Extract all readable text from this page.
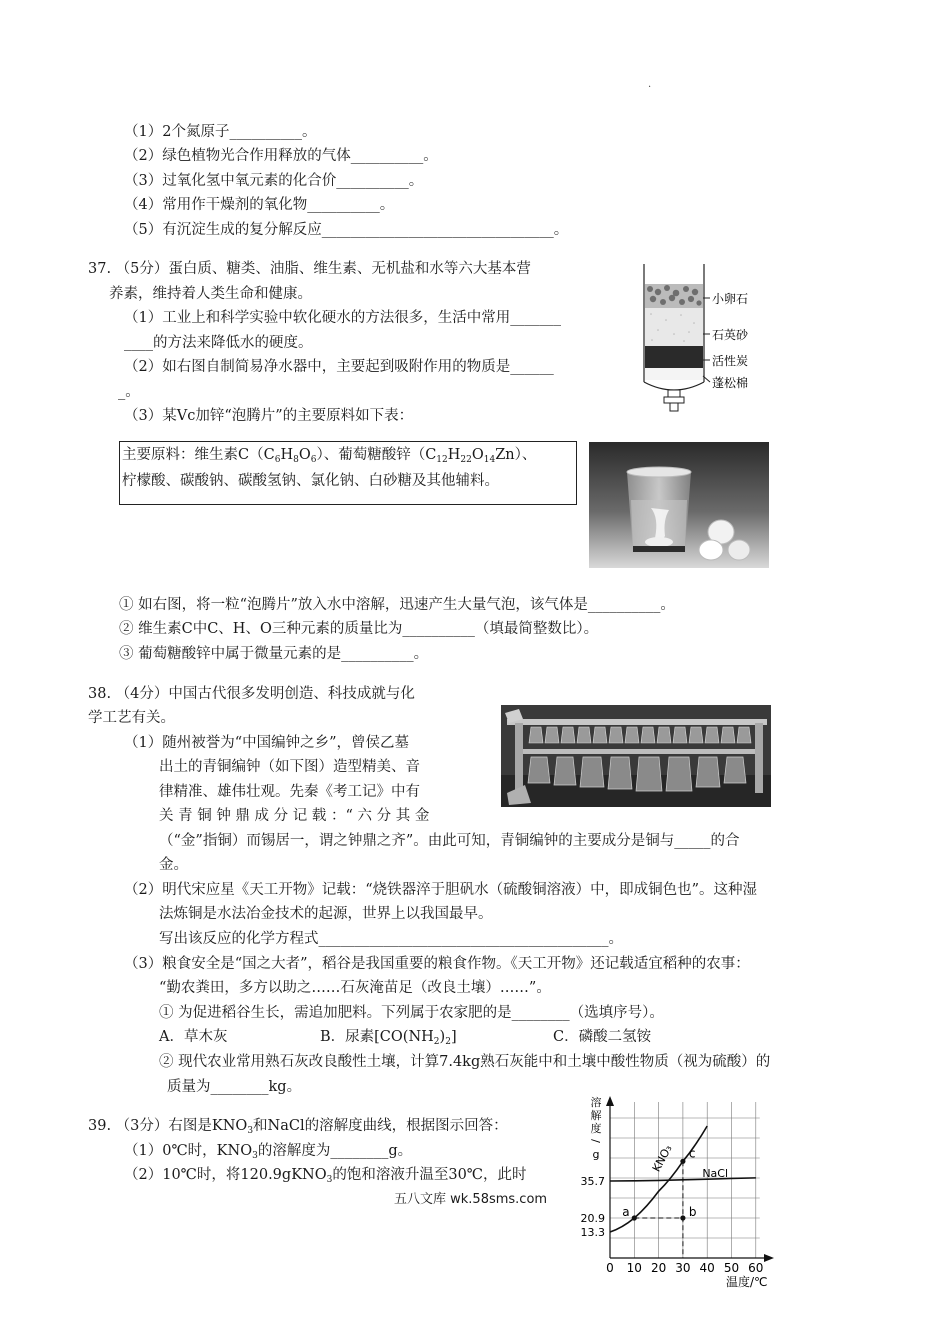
.
（1）2个氮原子__________。
（2）绿色植物光合作用释放的气体__________。
（3）过氧化氢中氧元素的化合价__________。
（4）常用作干燥剂的氧化物__________。
（5）有沉淀生成的复分解反应________________________________。
37. （5分）蛋白质、糖类、油脂、维生素、无机盐和水等六大基本营
养素，维持着人类生命和健康。
（1）工业上和科学实验中软化硬水的方法很多，生活中常用_______
____的方法来降低水的硬度。
（2）如右图自制简易净水器中，主要起到吸附作用的物质是______
_。
（3）某Vc加锌“泡腾片”的主要原料如下表：
小卵石
石英砂
活性炭
蓬松棉
主要原料：维生素$C(C_6H_8O_6)$、葡萄糖酸锌$(C_{12}H_{22}O_{14}Zn)$、
柠檬酸、碳酸钠、碳酸氢钠、氯化钠、白砂糖及其他辅料。
① 如右图，将一粒“泡腾片”放入水中溶解，迅速产生大量气泡，该气体是__________。
② 维生素C中C、H、O三种元素的质量比为__________（填最简整数比）。
③ 葡萄糖酸锌中属于微量元素的是__________。
38. （4分）中国古代很多发明创造、科技成就与化
学工艺有关。
（1）随州被誉为“中国编钟之乡”，曾侯乙墓
出土的青铜编钟（如下图）造型精美、音
律精准、雄伟壮观。先秦《考工记》中有
关 青 铜 钟 鼎 成 分 记 载 ：“ 六 分 其 金
（“金”指铜）而锡居一，谓之钟鼎之齐”。由此可知，青铜编钟的主要成分是铜与_____的合
金。
（2）明代宋应星《天工开物》记载：“烧铁器淬于胆矾水（硫酸铜溶液）中，即成铜色也”。这种湿
法炼铜是水法冶金技术的起源，世界上以我国最早。
写出该反应的化学方程式________________________________________。
（3）粮食安全是“国之大者”，稻谷是我国重要的粮食作物。《天工开物》还记载适宜稻种的农事：
“勤农粪田，多方以助之……石灰淹苗足（改良土壤）……”。
① 为促进稻谷生长，需追加肥料。下列属于农家肥的是________（选填序号）。
A．草木灰	B．尿素$[CO(NH_2)_2]$	C．磷酸二氢铵
② 现代农业常用熟石灰改良酸性土壤，计算7.4kg熟石灰能中和土壤中酸性物质（视为硫酸）的
质量为________kg。
39. （3分）右图是$KNO_3$和NaCl的溶解度曲线，根据图示回答：
（1）0℃时，$KNO_3$的溶解度为________g。
（2）10℃时，将120.9gKNO$_3$的饱和溶液升温至30℃，此时
五八文库 wk.58sms.com
溶
解
度
/
g
温度/℃
0 10 20 30 40 50 60
35.7
20.9
13.3
KNO₃	NaCl
a	b
c
